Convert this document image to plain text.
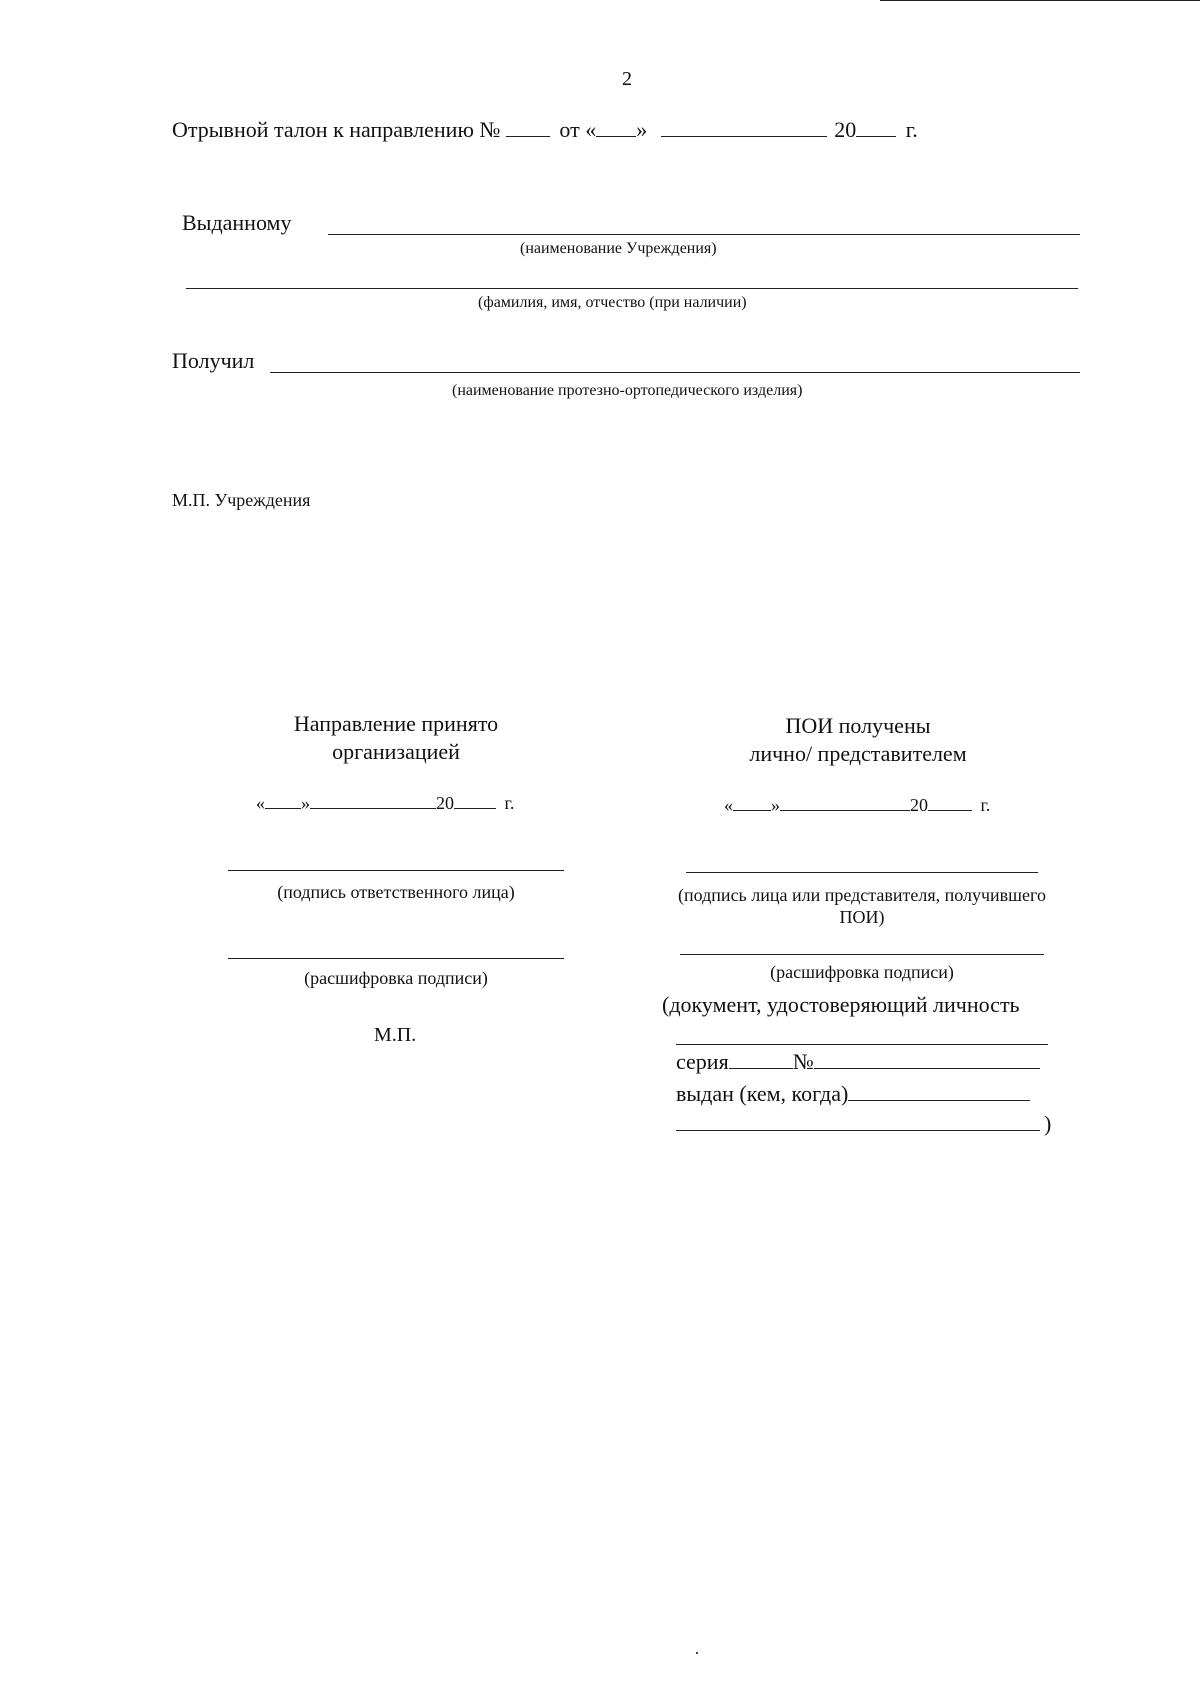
2
Отрывной талон к направлению №	от « »	20 г.
Выданному
(наименование Учреждения)
(фамилия, имя, отчество (при наличии)
Получил
(наименование протезно-ортопедического изделия)
М.П. Учреждения
Направление принято
организацией
« »	20	г.
(подпись ответственного лица)
(расшифровка подписи)
М.П.
ПОИ получены
лично/ представителем
« »	20	г.
(подпись лица или представителя, получившего
ПОИ)
(расшифровка подписи)
(документ, удостоверяющий личность
серия	№
выдан (кем, когда)
)
